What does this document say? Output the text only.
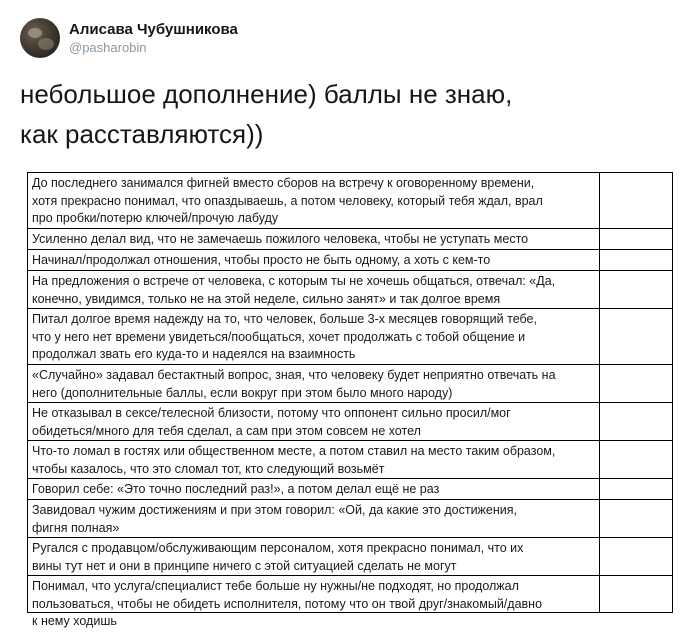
Алисава Чубушникова
@pasharobin
небольшое дополнение) баллы не знаю,
как расставляются))
До последнего занимался фигней вместо сборов на встречу к оговоренному времени,
хотя прекрасно понимал, что опаздываешь, а потом человеку, который тебя ждал, врал
про пробки/потерю ключей/прочую лабуду
Усиленно делал вид, что не замечаешь пожилого человека, чтобы не уступать место
Начинал/продолжал отношения, чтобы просто не быть одному, а хоть с кем-то
На предложения о встрече от человека, с которым ты не хочешь общаться, отвечал: «Да,
конечно, увидимся, только не на этой неделе, сильно занят» и так долгое время
Питал долгое время надежду на то, что человек, больше 3-х месяцев говорящий тебе,
что у него нет времени увидеться/пообщаться, хочет продолжать с тобой общение и
продолжал звать его куда-то и надеялся на взаимность
«Случайно» задавал бестактный вопрос, зная, что человеку будет неприятно отвечать на
него (дополнительные баллы, если вокруг при этом было много народу)
Не отказывал в сексе/телесной близости, потому что оппонент сильно просил/мог
обидеться/много для тебя сделал, а сам при этом совсем не хотел
Что-то ломал в гостях или общественном месте, а потом ставил на место таким образом,
чтобы казалось, что это сломал тот, кто следующий возьмёт
Говорил себе: «Это точно последний раз!», а потом делал ещё не раз
Завидовал чужим достижениям и при этом говорил: «Ой, да какие это достижения,
фигня полная»
Ругался с продавцом/обслуживающим персоналом, хотя прекрасно понимал, что их
вины тут нет и они в принципе ничего с этой ситуацией сделать не могут
Понимал, что услуга/специалист тебе больше ну нужны/не подходят, но продолжал
пользоваться, чтобы не обидеть исполнителя, потому что он твой друг/знакомый/давно
к нему ходишь
